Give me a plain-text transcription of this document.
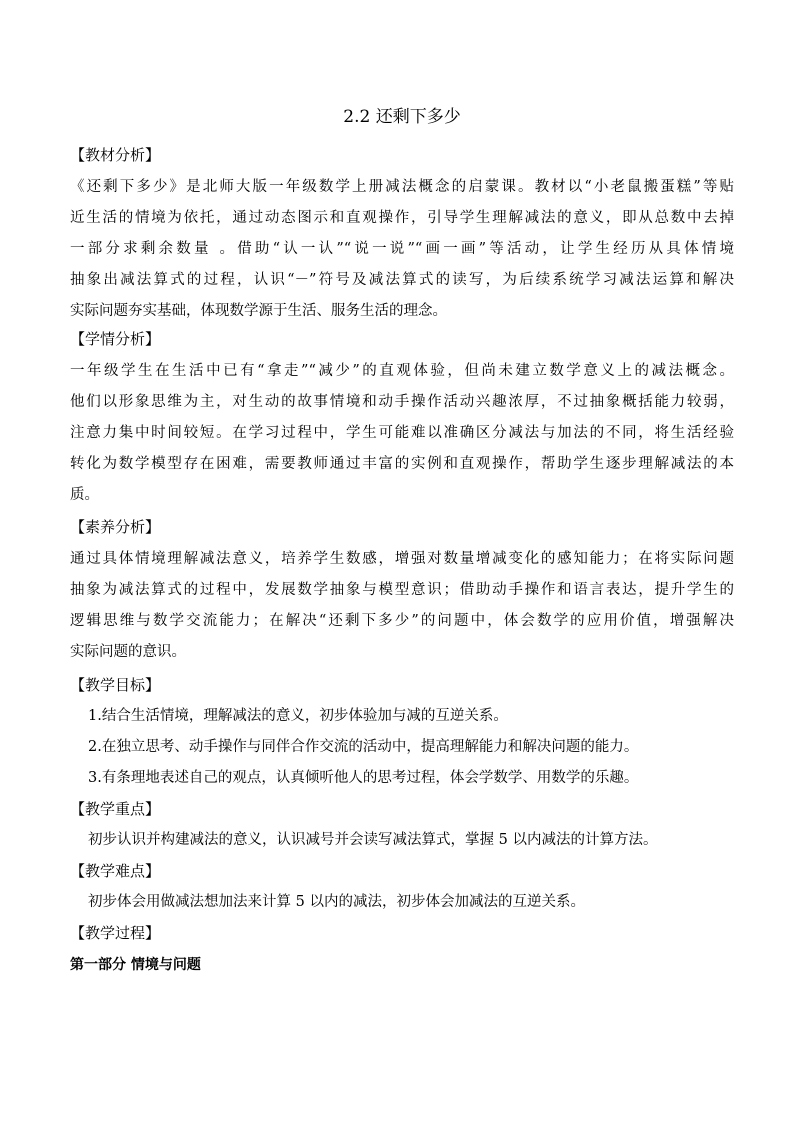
2.2 还剩下多少
【教材分析】
《还剩下多少》是北师大版一年级数学上册减法概念的启蒙课。教材以“小老鼠搬蛋糕”等贴
近生活的情境为依托，通过动态图示和直观操作，引导学生理解减法的意义，即从总数中去掉
一部分求剩余数量 。借助“认一认”“说一说”“画一画”等活动，让学生经历从具体情境
抽象出减法算式的过程，认识“－”符号及减法算式的读写，为后续系统学习减法运算和解决
实际问题夯实基础，体现数学源于生活、服务生活的理念。
【学情分析】
一年级学生在生活中已有“拿走”“减少”的直观体验，但尚未建立数学意义上的减法概念。
他们以形象思维为主，对生动的故事情境和动手操作活动兴趣浓厚，不过抽象概括能力较弱，
注意力集中时间较短。在学习过程中，学生可能难以准确区分减法与加法的不同，将生活经验
转化为数学模型存在困难，需要教师通过丰富的实例和直观操作，帮助学生逐步理解减法的本
质。
【素养分析】
通过具体情境理解减法意义，培养学生数感，增强对数量增减变化的感知能力；在将实际问题
抽象为减法算式的过程中，发展数学抽象与模型意识；借助动手操作和语言表达，提升学生的
逻辑思维与数学交流能力；在解决“还剩下多少”的问题中，体会数学的应用价值，增强解决
实际问题的意识。
【教学目标】
1.结合生活情境，理解减法的意义，初步体验加与减的互逆关系。
2.在独立思考、动手操作与同伴合作交流的活动中，提高理解能力和解决问题的能力。
3.有条理地表述自己的观点，认真倾听他人的思考过程，体会学数学、用数学的乐趣。
【教学重点】
初步认识并构建减法的意义，认识减号并会读写减法算式，掌握 5 以内减法的计算方法。
【教学难点】
初步体会用做减法想加法来计算 5 以内的减法，初步体会加减法的互逆关系。
【教学过程】
第一部分 情境与问题
